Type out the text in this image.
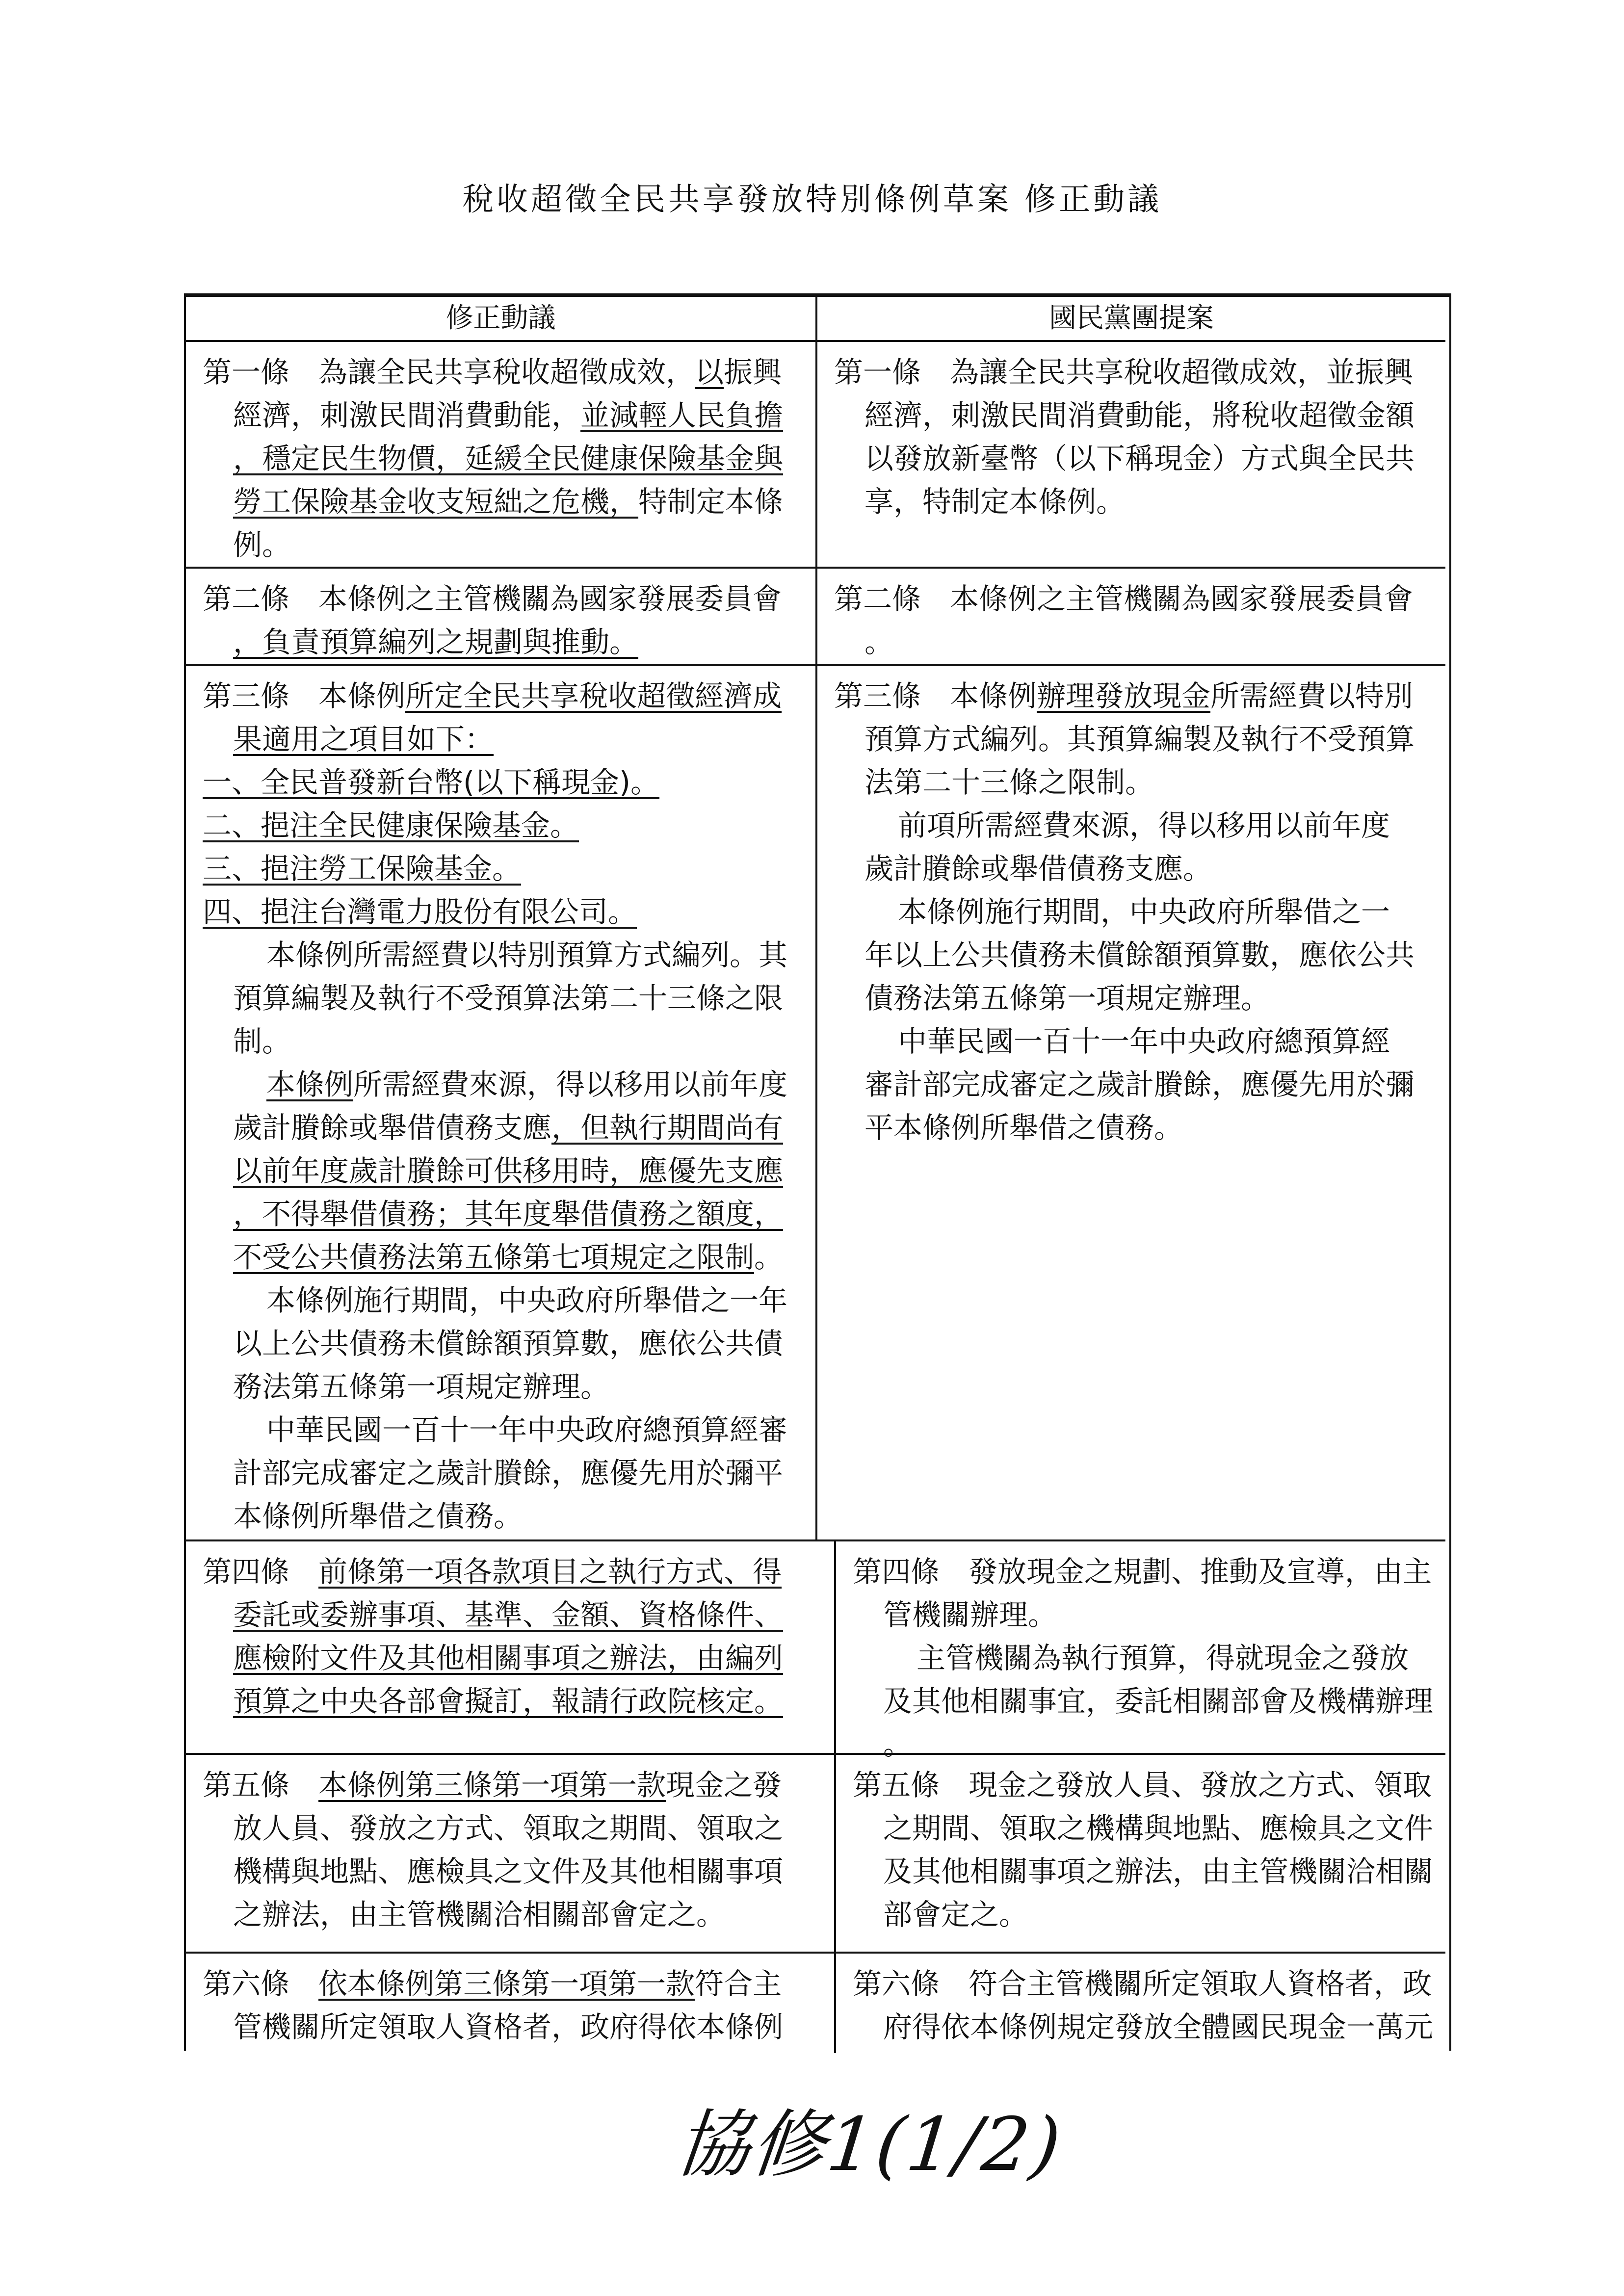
稅收超徵全民共享發放特別條例草案 修正動議
修正動議	國民黨團提案
第一條　為讓全民共享稅收超徵成效，以振興
經濟，刺激民間消費動能，並減輕人民負擔
，穩定民生物價，延緩全民健康保險基金與
勞工保險基金收支短絀之危機，特制定本條
例。
第一條　為讓全民共享稅收超徵成效，並振興
經濟，刺激民間消費動能，將稅收超徵金額
以發放新臺幣（以下稱現金）方式與全民共
享，特制定本條例。
第二條　本條例之主管機關為國家發展委員會
，負責預算編列之規劃與推動。
第二條　本條例之主管機關為國家發展委員會
。
第三條　本條例所定全民共享稅收超徵經濟成
果適用之項目如下：
一、全民普發新台幣(以下稱現金)。
二、挹注全民健康保險基金。
三、挹注勞工保險基金。
四、挹注台灣電力股份有限公司。
本條例所需經費以特別預算方式編列。其
預算編製及執行不受預算法第二十三條之限
制。
本條例所需經費來源，得以移用以前年度
歲計賸餘或舉借債務支應，但執行期間尚有
以前年度歲計賸餘可供移用時，應優先支應
，不得舉借債務；其年度舉借債務之額度，
不受公共債務法第五條第七項規定之限制。
本條例施行期間，中央政府所舉借之一年
以上公共債務未償餘額預算數，應依公共債
務法第五條第一項規定辦理。
中華民國一百十一年中央政府總預算經審
計部完成審定之歲計賸餘，應優先用於彌平
本條例所舉借之債務。
第三條　本條例辦理發放現金所需經費以特別
預算方式編列。其預算編製及執行不受預算
法第二十三條之限制。
前項所需經費來源，得以移用以前年度
歲計賸餘或舉借債務支應。
本條例施行期間，中央政府所舉借之一
年以上公共債務未償餘額預算數，應依公共
債務法第五條第一項規定辦理。
中華民國一百十一年中央政府總預算經
審計部完成審定之歲計賸餘，應優先用於彌
平本條例所舉借之債務。
第四條　前條第一項各款項目之執行方式、得
委託或委辦事項、基準、金額、資格條件、
應檢附文件及其他相關事項之辦法，由編列
預算之中央各部會擬訂，報請行政院核定。
第四條　發放現金之規劃、推動及宣導，由主
管機關辦理。
主管機關為執行預算，得就現金之發放
及其他相關事宜，委託相關部會及機構辦理
。
第五條　本條例第三條第一項第一款現金之發
放人員、發放之方式、領取之期間、領取之
機構與地點、應檢具之文件及其他相關事項
之辦法，由主管機關洽相關部會定之。
第五條　現金之發放人員、發放之方式、領取
之期間、領取之機構與地點、應檢具之文件
及其他相關事項之辦法，由主管機關洽相關
部會定之。
第六條　依本條例第三條第一項第一款符合主
管機關所定領取人資格者，政府得依本條例
第六條　符合主管機關所定領取人資格者，政
府得依本條例規定發放全體國民現金一萬元
協修1(1/2)
